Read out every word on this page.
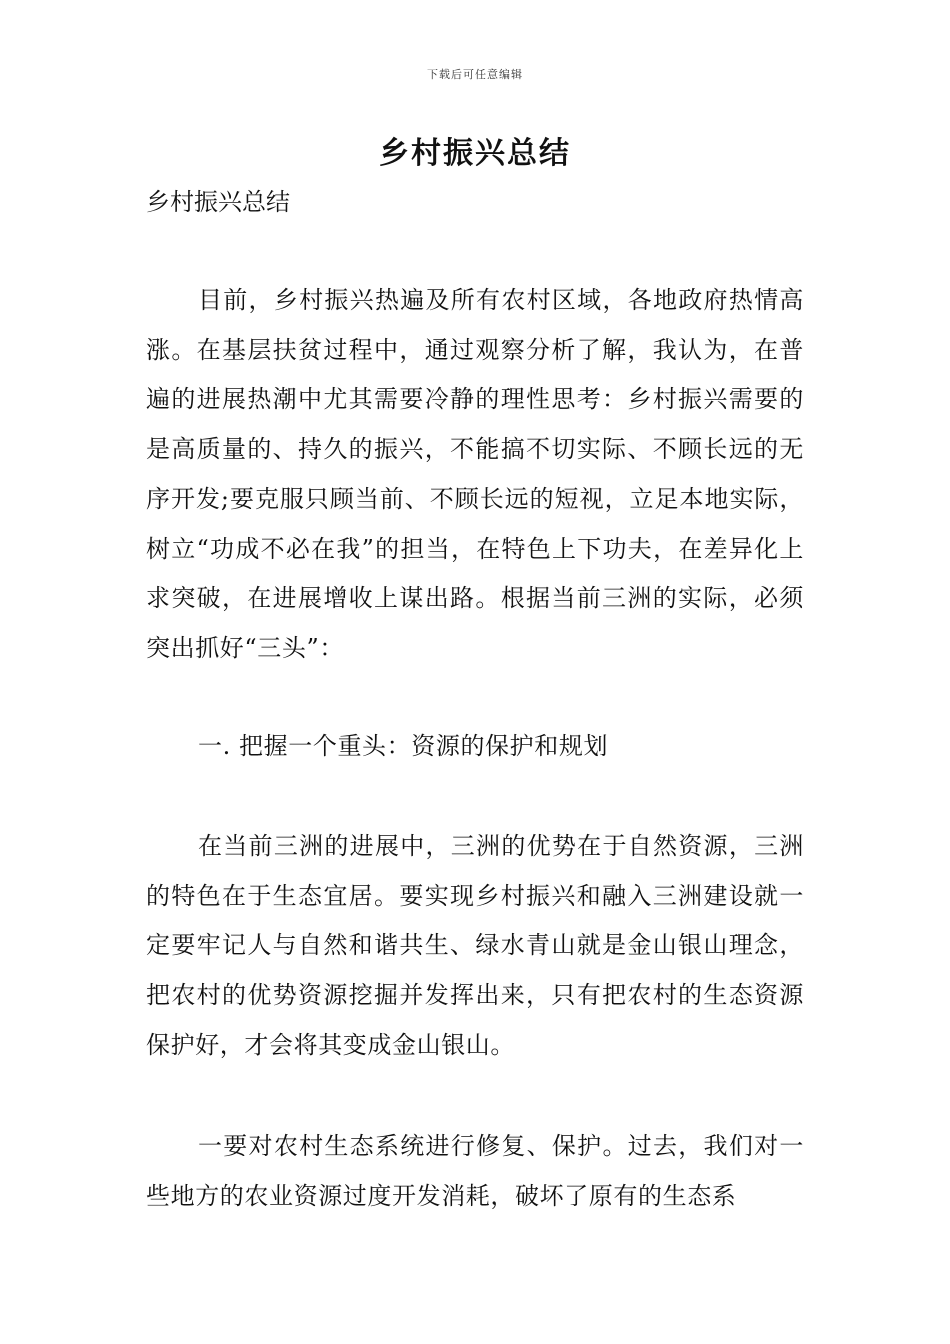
下载后可任意编辑
乡村振兴总结

乡村振兴总结

目前，乡村振兴热遍及所有农村区域，各地政府热情高涨。在基层扶贫过程中，通过观察分析了解，我认为，在普遍的进展热潮中尤其需要冷静的理性思考：乡村振兴需要的是高质量的、持久的振兴，不能搞不切实际、不顾长远的无序开发;要克服只顾当前、不顾长远的短视，立足本地实际，树立“功成不必在我”的担当，在特色上下功夫，在差异化上求突破，在进展增收上谋出路。根据当前三洲的实际，必须突出抓好“三头”：

一. 把握一个重头：资源的保护和规划

在当前三洲的进展中，三洲的优势在于自然资源，三洲的特色在于生态宜居。要实现乡村振兴和融入三洲建设就一定要牢记人与自然和谐共生、绿水青山就是金山银山理念，把农村的优势资源挖掘并发挥出来，只有把农村的生态资源保护好，才会将其变成金山银山。

一要对农村生态系统进行修复、保护。过去，我们对一些地方的农业资源过度开发消耗，破坏了原有的生态系
